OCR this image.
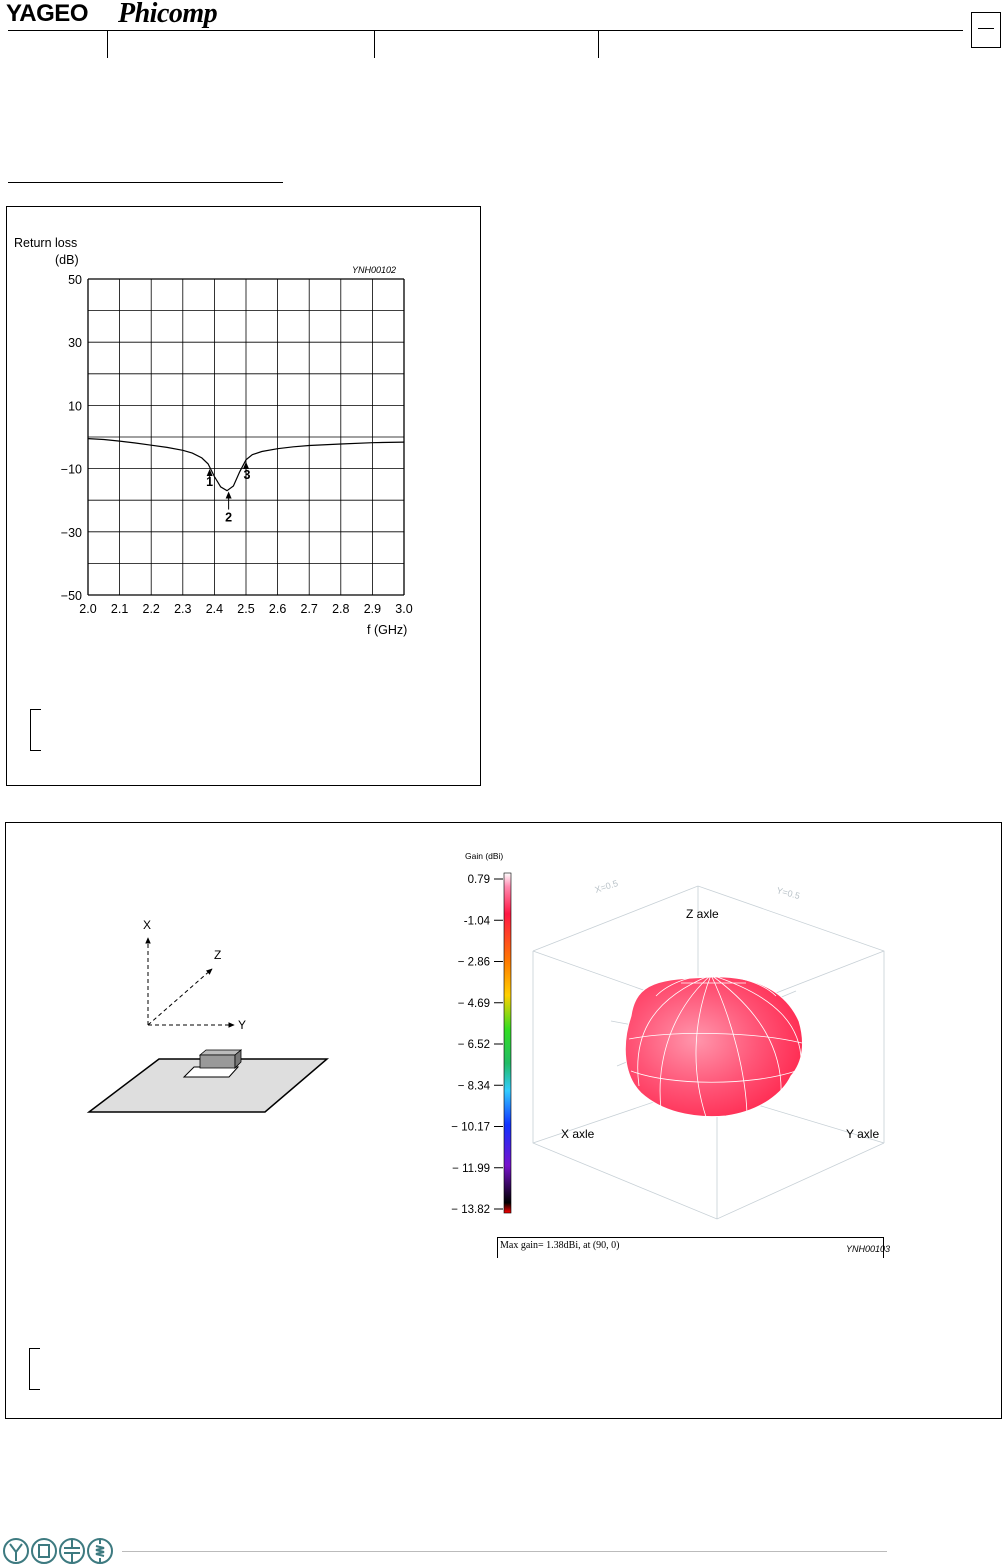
YAGEO Phicomp
Return loss
(dB)
YNH00102
f (GHz)
50
30
10
−10
−30
−50
2.0 2.1 2.2 2.3 2.4 2.5 2.6 2.7 2.8 2.9 3.0
1
2
3
X
Z
Y
Gain (dBi)
0.79
-1.04
− 2.86
− 4.69
− 6.52
− 8.34
− 10.17
− 11.99
− 13.82
X=0.5	Y=0.5
Z axle
X axle	Y axle
Max gain= 1.38dBi, at (90, 0)	YNH00103
